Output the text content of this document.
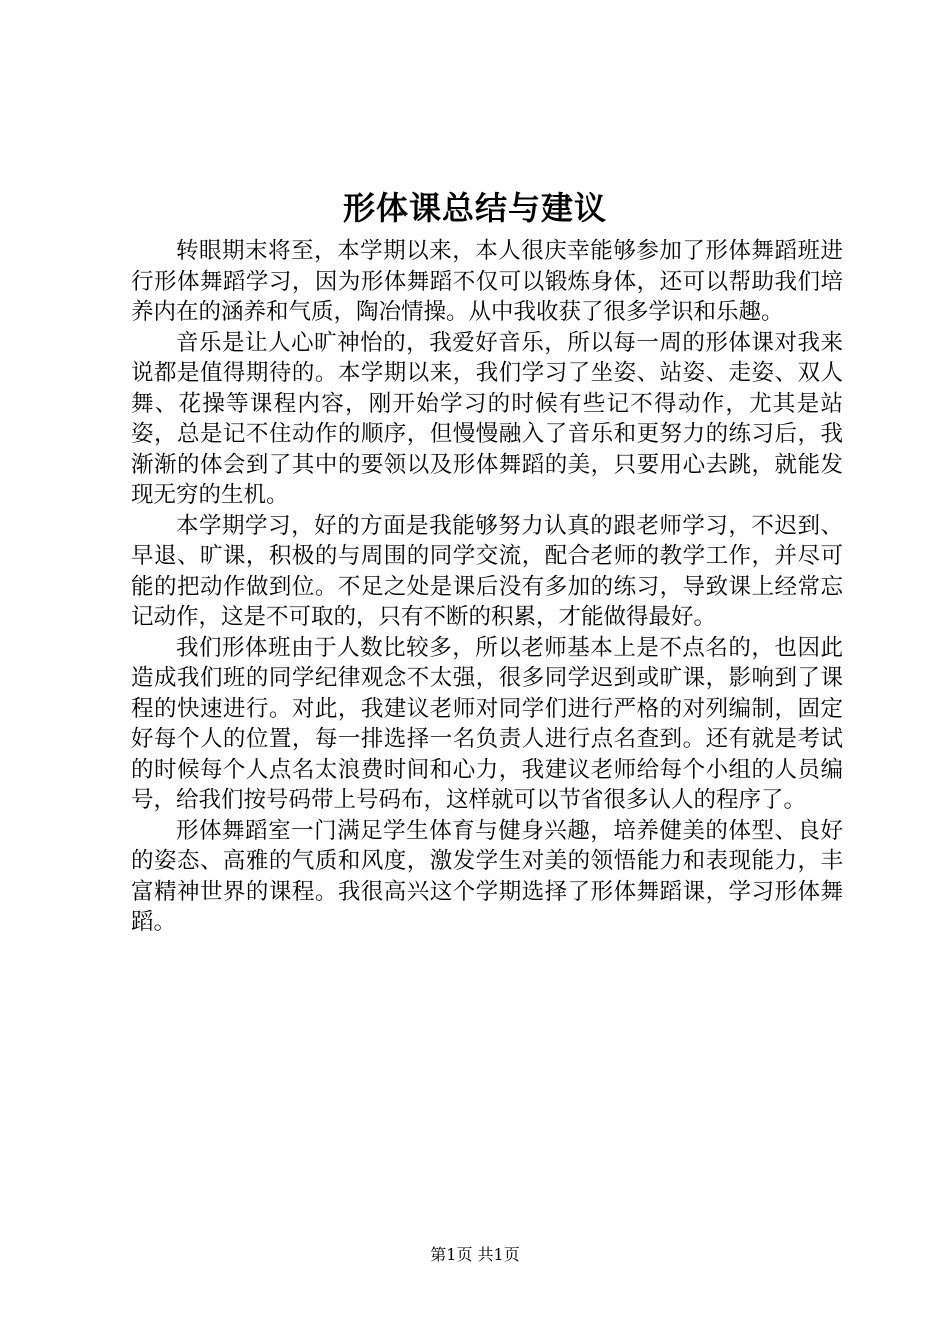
形体课总结与建议

转眼期末将至，本学期以来，本人很庆幸能够参加了形体舞蹈班进行形体舞蹈学习，因为形体舞蹈不仅可以锻炼身体，还可以帮助我们培养内在的涵养和气质，陶冶情操。从中我收获了很多学识和乐趣。

音乐是让人心旷神怡的，我爱好音乐，所以每一周的形体课对我来说都是值得期待的。本学期以来，我们学习了坐姿、站姿、走姿、双人舞、花操等课程内容，刚开始学习的时候有些记不得动作，尤其是站姿，总是记不住动作的顺序，但慢慢融入了音乐和更努力的练习后，我渐渐的体会到了其中的要领以及形体舞蹈的美，只要用心去跳，就能发现无穷的生机。

本学期学习，好的方面是我能够努力认真的跟老师学习，不迟到、早退、旷课，积极的与周围的同学交流，配合老师的教学工作，并尽可能的把动作做到位。不足之处是课后没有多加的练习，导致课上经常忘记动作，这是不可取的，只有不断的积累，才能做得最好。

我们形体班由于人数比较多，所以老师基本上是不点名的，也因此造成我们班的同学纪律观念不太强，很多同学迟到或旷课，影响到了课程的快速进行。对此，我建议老师对同学们进行严格的对列编制，固定好每个人的位置，每一排选择一名负责人进行点名查到。还有就是考试的时候每个人点名太浪费时间和心力，我建议老师给每个小组的人员编号，给我们按号码带上号码布，这样就可以节省很多认人的程序了。

形体舞蹈室一门满足学生体育与健身兴趣，培养健美的体型、良好的姿态、高雅的气质和风度，激发学生对美的领悟能力和表现能力，丰富精神世界的课程。我很高兴这个学期选择了形体舞蹈课，学习形体舞蹈。

第1页 共1页
